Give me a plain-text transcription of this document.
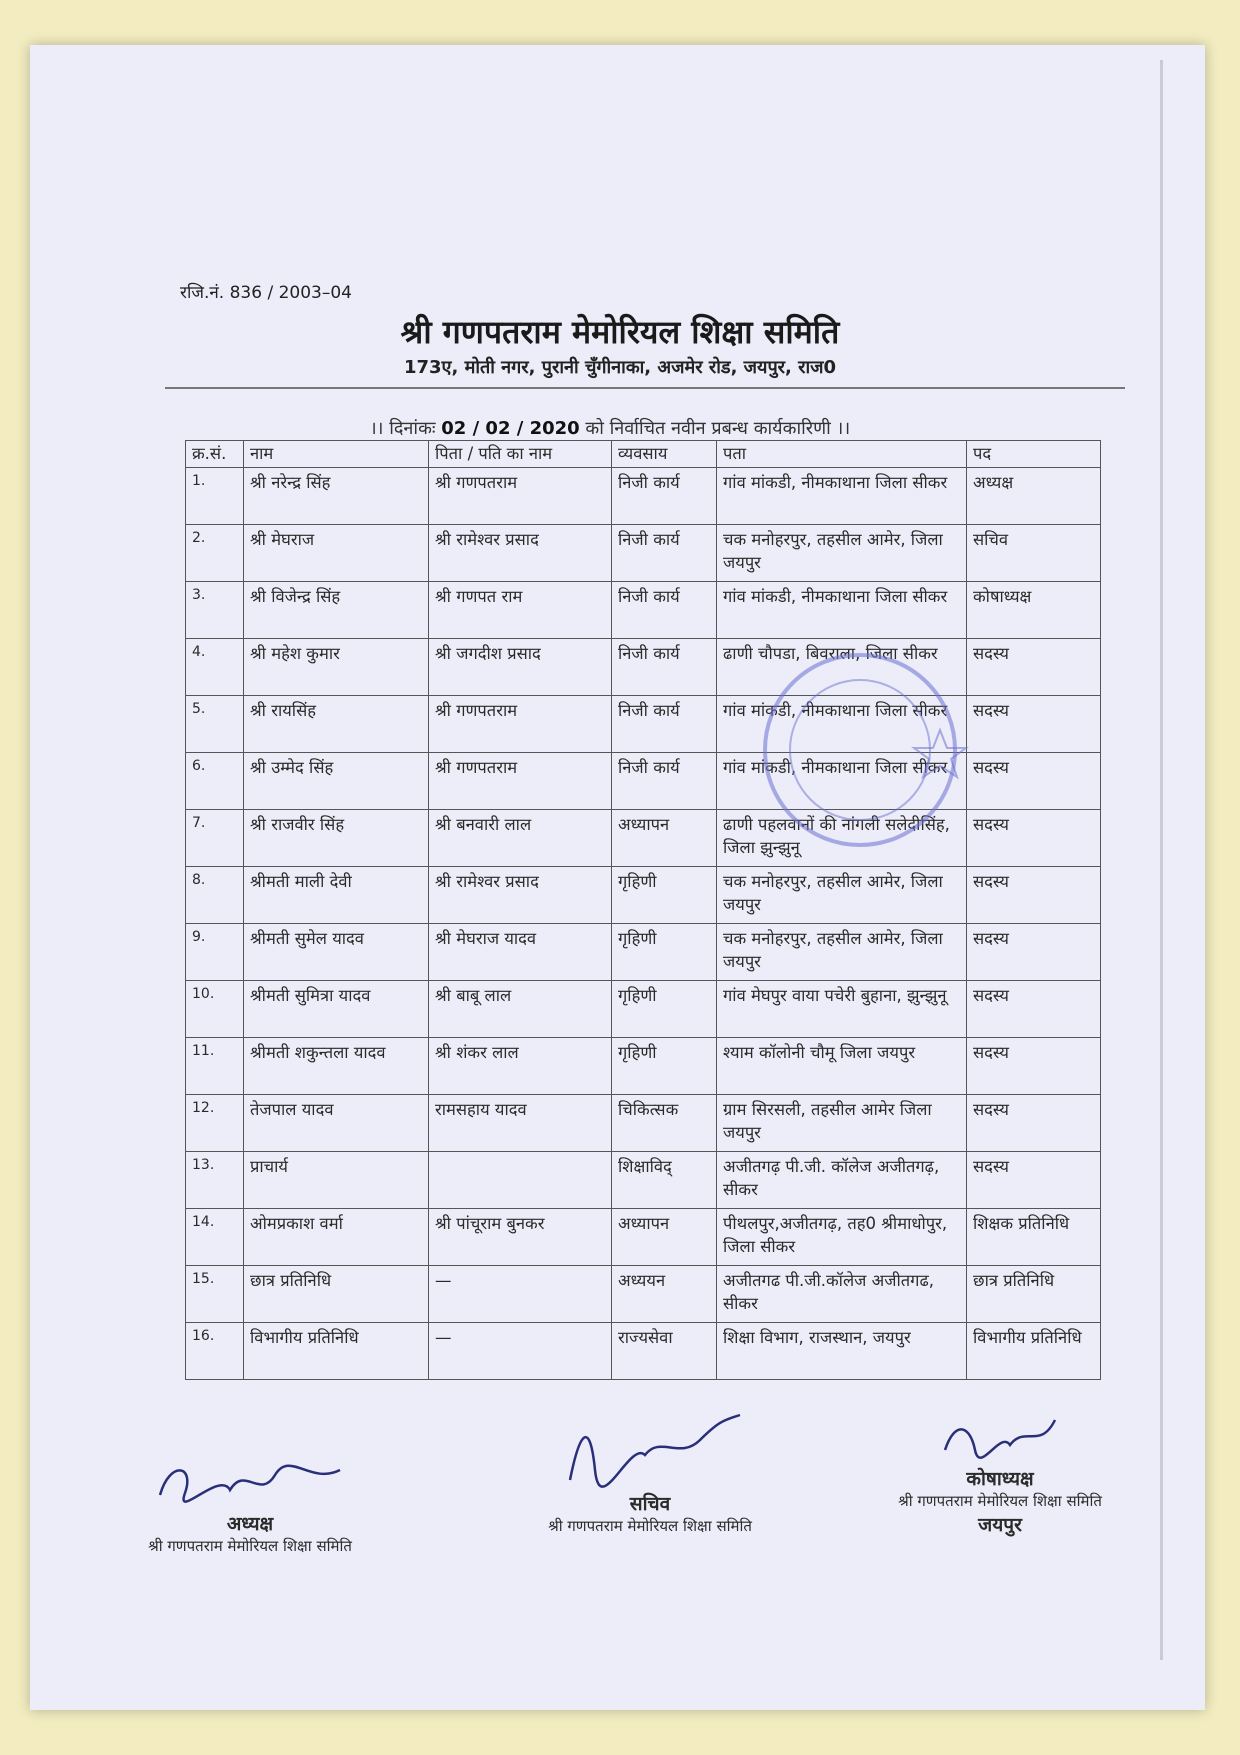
रजि.नं. 836 / 2003–04
श्री गणपतराम मेमोरियल शिक्षा समिति
173ए, मोती नगर, पुरानी चुँगीनाका, अजमेर रोड, जयपुर, राज0
।। दिनांकः 02 / 02 / 2020 को निर्वाचित नवीन प्रबन्ध कार्यकारिणी ।।
क्र.सं.	नाम	पिता / पति का नाम	व्यवसाय	पता	पद
1.	श्री नरेन्द्र सिंह	श्री गणपतराम	निजी कार्य	गांव मांकडी, नीमकाथाना जिला सीकर	अध्यक्ष
2.	श्री मेघराज	श्री रामेश्वर प्रसाद	निजी कार्य	चक मनोहरपुर, तहसील आमेर, जिला जयपुर	सचिव
3.	श्री विजेन्द्र सिंह	श्री गणपत राम	निजी कार्य	गांव मांकडी, नीमकाथाना जिला सीकर	कोषाध्यक्ष
4.	श्री महेश कुमार	श्री जगदीश प्रसाद	निजी कार्य	ढाणी चौपडा, बिवराला, जिला सीकर	सदस्य
5.	श्री रायसिंह	श्री गणपतराम	निजी कार्य	गांव मांकडी, नीमकाथाना जिला सीकर	सदस्य
6.	श्री उम्मेद सिंह	श्री गणपतराम	निजी कार्य	गांव मांकडी, नीमकाथाना जिला सीकर	सदस्य
7.	श्री राजवीर सिंह	श्री बनवारी लाल	अध्यापन	ढाणी पहलवानों की नांगली सलेदीसिंह, जिला झुन्झुनू	सदस्य
8.	श्रीमती माली देवी	श्री रामेश्वर प्रसाद	गृहिणी	चक मनोहरपुर, तहसील आमेर, जिला जयपुर	सदस्य
9.	श्रीमती सुमेल यादव	श्री मेघराज यादव	गृहिणी	चक मनोहरपुर, तहसील आमेर, जिला जयपुर	सदस्य
10.	श्रीमती सुमित्रा यादव	श्री बाबू लाल	गृहिणी	गांव मेघपुर वाया पचेरी बुहाना, झुन्झुनू	सदस्य
11.	श्रीमती शकुन्तला यादव	श्री शंकर लाल	गृहिणी	श्याम कॉलोनी चौमू जिला जयपुर	सदस्य
12.	तेजपाल यादव	रामसहाय यादव	चिकित्सक	ग्राम सिरसली, तहसील आमेर जिला जयपुर	सदस्य
13.	प्राचार्य		शिक्षाविद्	अजीतगढ़ पी.जी. कॉलेज अजीतगढ़, सीकर	सदस्य
14.	ओमप्रकाश वर्मा	श्री पांचूराम बुनकर	अध्यापन	पीथलपुर,अजीतगढ़, तह0 श्रीमाधोपुर, जिला सीकर	शिक्षक प्रतिनिधि
15.	छात्र प्रतिनिधि	—	अध्ययन	अजीतगढ पी.जी.कॉलेज अजीतगढ, सीकर	छात्र प्रतिनिधि
16.	विभागीय प्रतिनिधि	—	राज्यसेवा	शिक्षा विभाग, राजस्थान, जयपुर	विभागीय प्रतिनिधि
अध्यक्ष
श्री गणपतराम मेमोरियल शिक्षा समिति
सचिव
श्री गणपतराम मेमोरियल शिक्षा समिति
कोषाध्यक्ष
श्री गणपतराम मेमोरियल शिक्षा समिति
जयपुर
